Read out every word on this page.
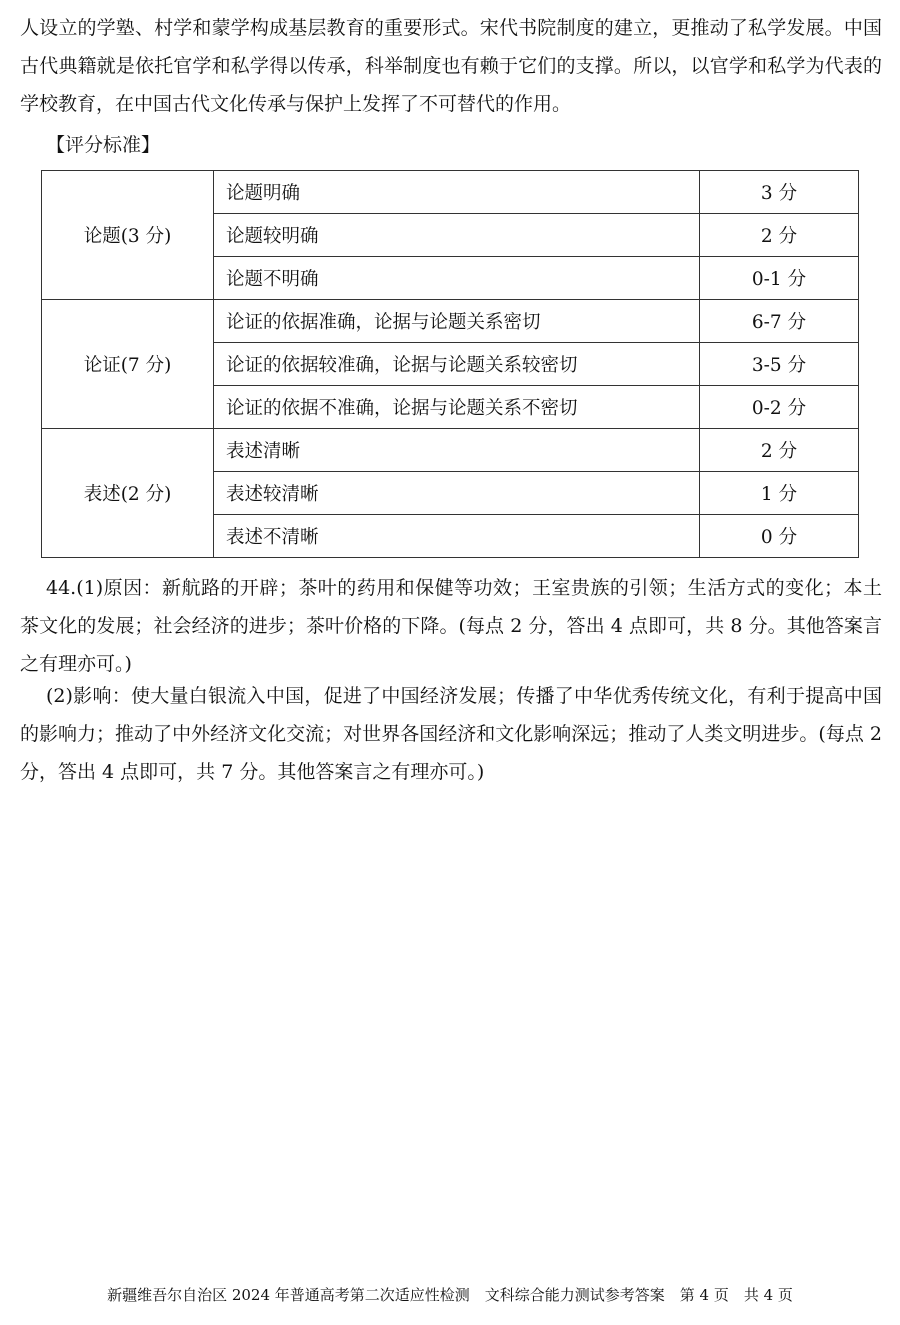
人设立的学塾、村学和蒙学构成基层教育的重要形式。宋代书院制度的建立，更推动了私学发展。中国古代典籍就是依托官学和私学得以传承，科举制度也有赖于它们的支撑。所以，以官学和私学为代表的学校教育，在中国古代文化传承与保护上发挥了不可替代的作用。
【评分标准】
论题(3 分)	论题明确	3 分
	论题较明确	2 分
	论题不明确	0-1 分
论证(7 分)	论证的依据准确，论据与论题关系密切	6-7 分
	论证的依据较准确，论据与论题关系较密切	3-5 分
	论证的依据不准确，论据与论题关系不密切	0-2 分
表述(2 分)	表述清晰	2 分
	表述较清晰	1 分
	表述不清晰	0 分
44.(1)原因：新航路的开辟；茶叶的药用和保健等功效；王室贵族的引领；生活方式的变化；本土茶文化的发展；社会经济的进步；茶叶价格的下降。(每点 2 分，答出 4 点即可，共 8 分。其他答案言之有理亦可。)
(2)影响：使大量白银流入中国，促进了中国经济发展；传播了中华优秀传统文化，有利于提高中国的影响力；推动了中外经济文化交流；对世界各国经济和文化影响深远；推动了人类文明进步。(每点 2 分，答出 4 点即可，共 7 分。其他答案言之有理亦可。)
新疆维吾尔自治区 2024 年普通高考第二次适应性检测　文科综合能力测试参考答案　第 4 页　共 4 页
